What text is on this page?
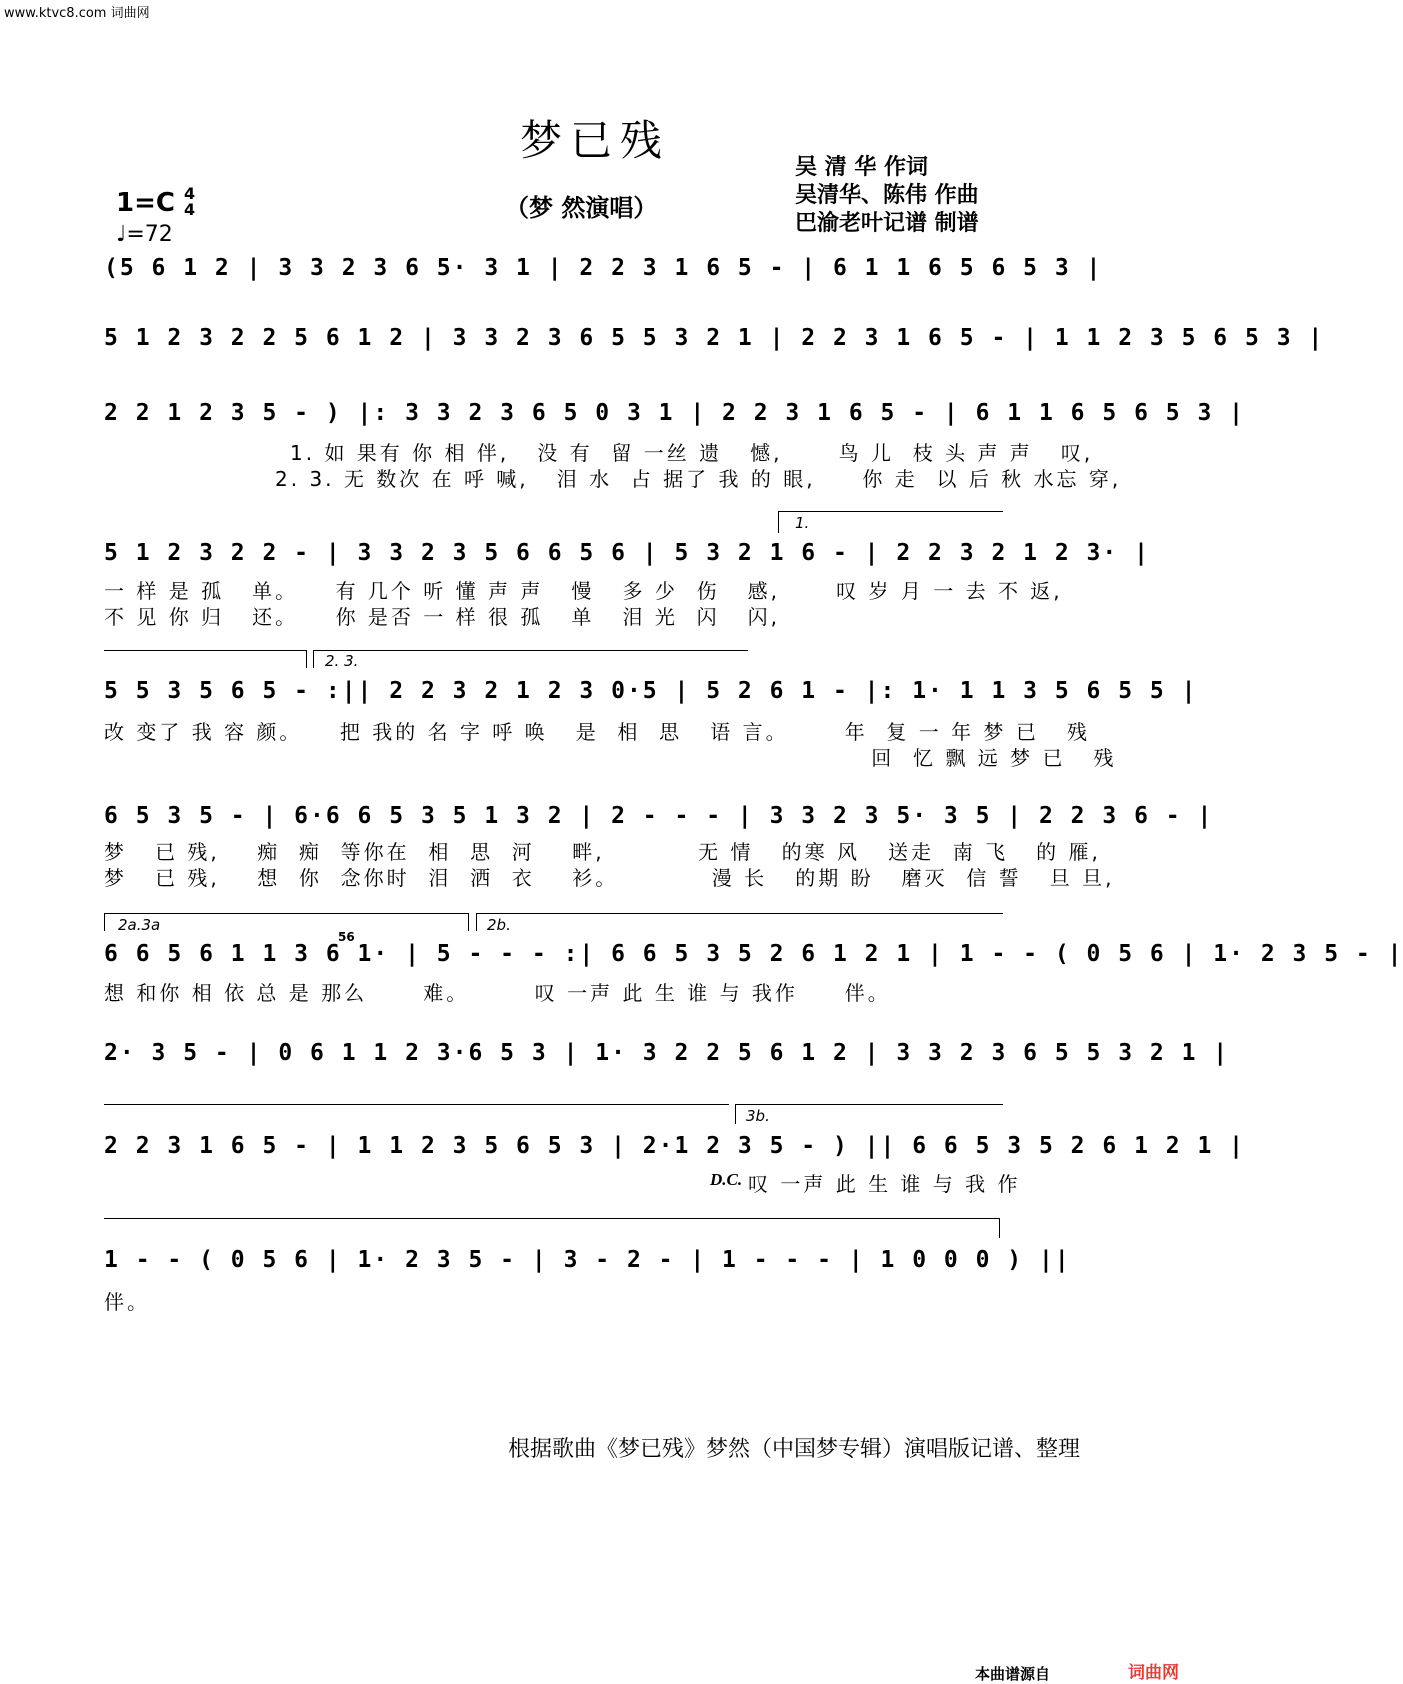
www.ktvc8.com 词曲网
梦已残
1=C 4
4
♩=72
（梦 然演唱）
吴 清 华 作词
吴清华、陈伟 作曲
巴渝老叶记谱 制谱
(5 6 1 2 | 3 3 2 3 6 5· 3 1 | 2 2 3 1 6 5 - | 6 1 1 6 5 6 5 3 |
5 1 2 3 2 2 5 6 1 2 | 3 3 2 3 6 5 5 3 2 1 | 2 2 3 1 6 5 - | 1 1 2 3 5 6 5 3 |
2 2 1 2 3 5 - ) |: 3 3 2 3 6 5 0 3 1 | 2 2 3 1 6 5 - | 6 1 1 6 5 6 5 3 |
1. 如 果有 你 相 伴,   没 有  留 一丝 遗   憾,      鸟 儿  枝 头 声 声   叹,
2. 3. 无 数次 在 呼 喊,   泪 水  占 据了 我 的 眼,     你 走  以 后 秋 水忘 穿,
1.
5 1 2 3 2 2 - | 3 3 2 3 5 6 6 5 6 | 5 3 2 1 6 - | 2 2 3 2 1 2 3· |
一 样 是 孤   单。    有 几个 听 懂 声 声   慢   多 少  伤   感,      叹 岁 月 一 去 不 返,
不 见 你 归   还。    你 是否 一 样 很 孤   单   泪 光  闪   闪,
2. 3.
5 5 3 5 6 5 - :|| 2 2 3 2 1 2 3 0·5 | 5 2 6 1 - |: 1· 1 1 3 5 6 5 5 |
改 变了 我 容 颜。    把 我的 名 字 呼 唤   是  相  思   语 言。      年  复 一 年 梦 已   残
回  忆 飘 远 梦 已   残
6 5 3 5 - | 6·6 6 5 3 5 1 3 2 | 2 - - - | 3 3 2 3 5· 3 5 | 2 2 3 6 - |
梦   已 残,    痴  痴  等你在  相  思  河    畔,          无 情   的寒 风   送走  南 飞   的 雁,
梦   已 残,    想  你  念你时  泪  洒  衣    衫。          漫 长   的期 盼   磨灭  信 誓   旦 旦,
2a.3a	2b.
56
6 6 5 6 1 1 3 6 1· | 5 - - - :| 6 6 5 3 5 2 6 1 2 1 | 1 - - ( 0 5 6 | 1· 2 3 5 - |
想 和你 相 依 总 是 那么      难。       叹 一声 此 生 谁 与 我作     伴。
2· 3 5 - | 0 6 1 1 2 3·6 5 3 | 1· 3 2 2 5 6 1 2 | 3 3 2 3 6 5 5 3 2 1 |
3b.
2 2 3 1 6 5 - | 1 1 2 3 5 6 5 3 | 2·1 2 3 5 - ) || 6 6 5 3 5 2 6 1 2 1 |
D.C. 叹 一声 此 生 谁 与 我 作
1 - - ( 0 5 6 | 1· 2 3 5 - | 3 - 2 - | 1 - - - | 1 0 0 0 ) ||
伴。
根据歌曲《梦已残》梦然（中国梦专辑）演唱版记谱、整理
本曲谱源自	词曲网
